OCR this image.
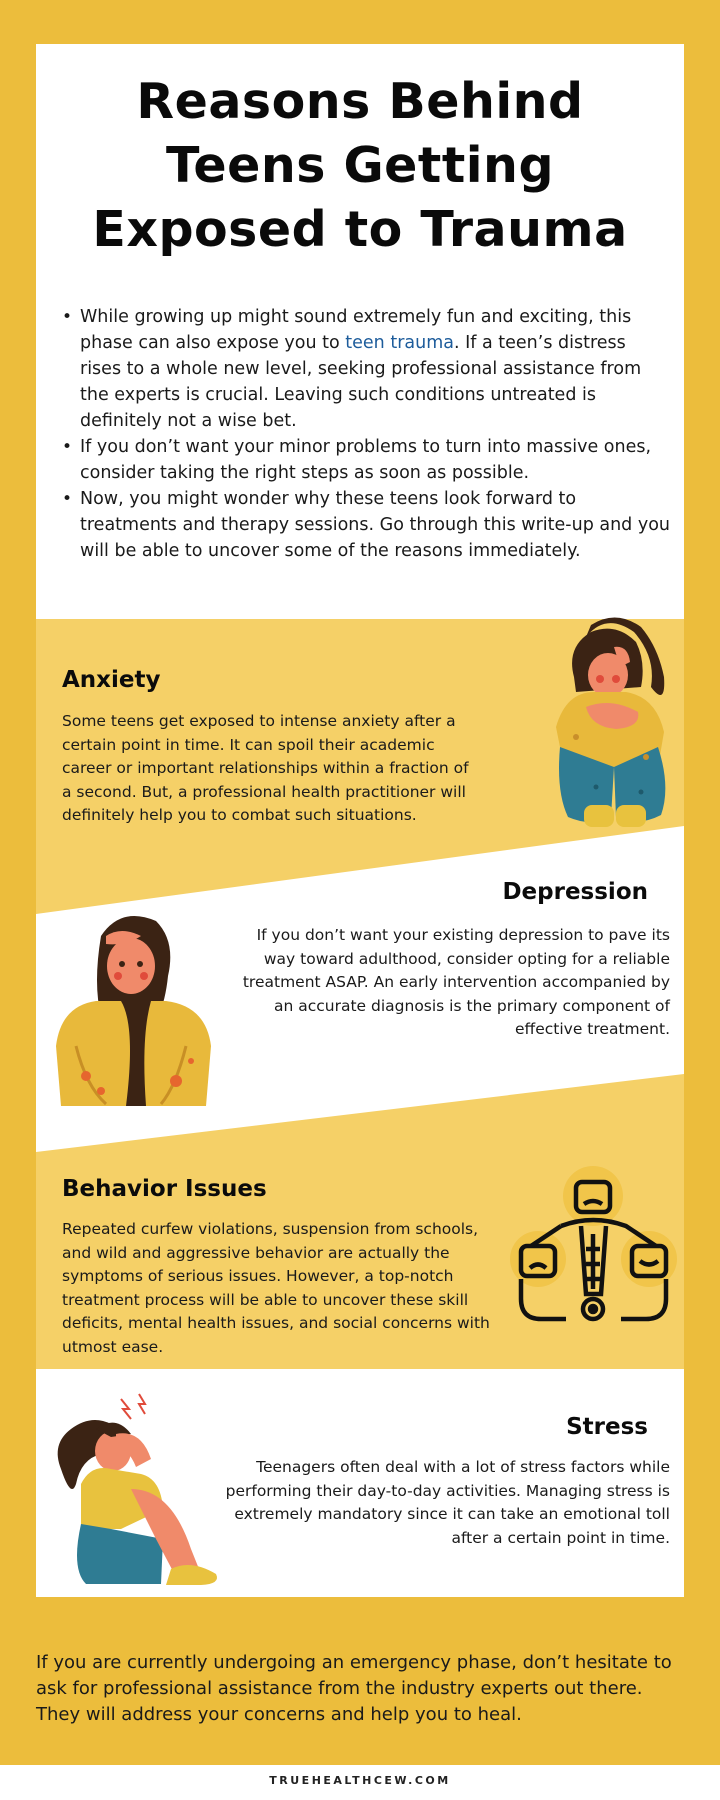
Reasons Behind
Teens Getting
Exposed to Trauma
• While growing up might sound extremely fun and exciting, this phase can also expose you to teen trauma. If a teen’s distress rises to a whole new level, seeking professional assistance from the experts is crucial. Leaving such conditions untreated is definitely not a wise bet.
• If you don’t want your minor problems to turn into massive ones, consider taking the right steps as soon as possible.
• Now, you might wonder why these teens look forward to treatments and therapy sessions. Go through this write-up and you will be able to uncover some of the reasons immediately.
Anxiety
Some teens get exposed to intense anxiety after a certain point in time. It can spoil their academic career or important relationships within a fraction of a second. But, a professional health practitioner will definitely help you to combat such situations.
Depression
If you don’t want your existing depression to pave its way toward adulthood, consider opting for a reliable treatment ASAP. An early intervention accompanied by an accurate diagnosis is the primary component of effective treatment.
Behavior Issues
Repeated curfew violations, suspension from schools, and wild and aggressive behavior are actually the symptoms of serious issues. However, a top-notch treatment process will be able to uncover these skill deficits, mental health issues, and social concerns with utmost ease.
Stress
Teenagers often deal with a lot of stress factors while performing their day-to-day activities. Managing stress is extremely mandatory since it can take an emotional toll after a certain point in time.
If you are currently undergoing an emergency phase, don’t hesitate to ask for professional assistance from the industry experts out there. They will address your concerns and help you to heal.
TRUEHEALTHCEW.COM
